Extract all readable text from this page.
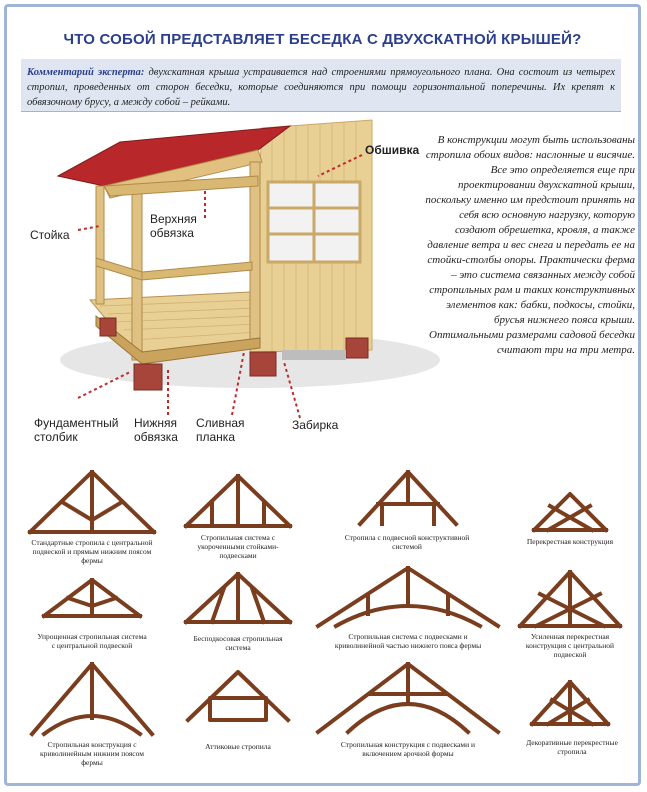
ЧТО СОБОЙ ПРЕДСТАВЛЯЕТ БЕСЕДКА С ДВУХСКАТНОЙ КРЫШЕЙ?

Комментарий эксперта: двухскатная крыша устраивается над строениями прямоугольного плана. Она состоит из четырех стропил, проведенных от сторон беседки, которые соединяются при помощи горизонтальной поперечины. Их крепят к обвязочному брусу, а между собой – рейками.

В конструкции могут быть использованы стропила обоих видов: наслонные и висячие. Все это определяется еще при проектировании двухскатной крыши, поскольку именно им предстоит принять на себя всю основную нагрузку, которую создают обрешетка, кровля, а также давление ветра и вес снега и передать ее на стойки-столбы опоры. Практически ферма – это система связанных между собой стропильных рам и таких конструктивных элементов как: бабки, подкосы, стойки, брусья нижнего пояса крыши. Оптимальными размерами садовой беседки считают три на три метра.
Обшивка
Стойка
Верхняя обвязка
Фундаментный столбик
Нижняя обвязка
Сливная планка
Забирка
Стандартные стропила с центральной подвеской и прямым нижним поясом фермы
Стропильная система с укороченными стойками-подвесками
Стропила с подвесной конструктивной системой
Перекрестная конструкция
Упрощенная стропильная система с центральной подвеской
Бесподкосовая стропильная система
Стропильная система с подвесками и криволинейной частью нижнего пояса фермы
Усиленная перекрестная конструкция с центральной подвеской
Стропильная конструкция с криволинейным нижним поясом фермы
Аттиковые стропила	Стропильная конструкция с подвесками и включением арочной формы
Декоративные перекрестные стропила
